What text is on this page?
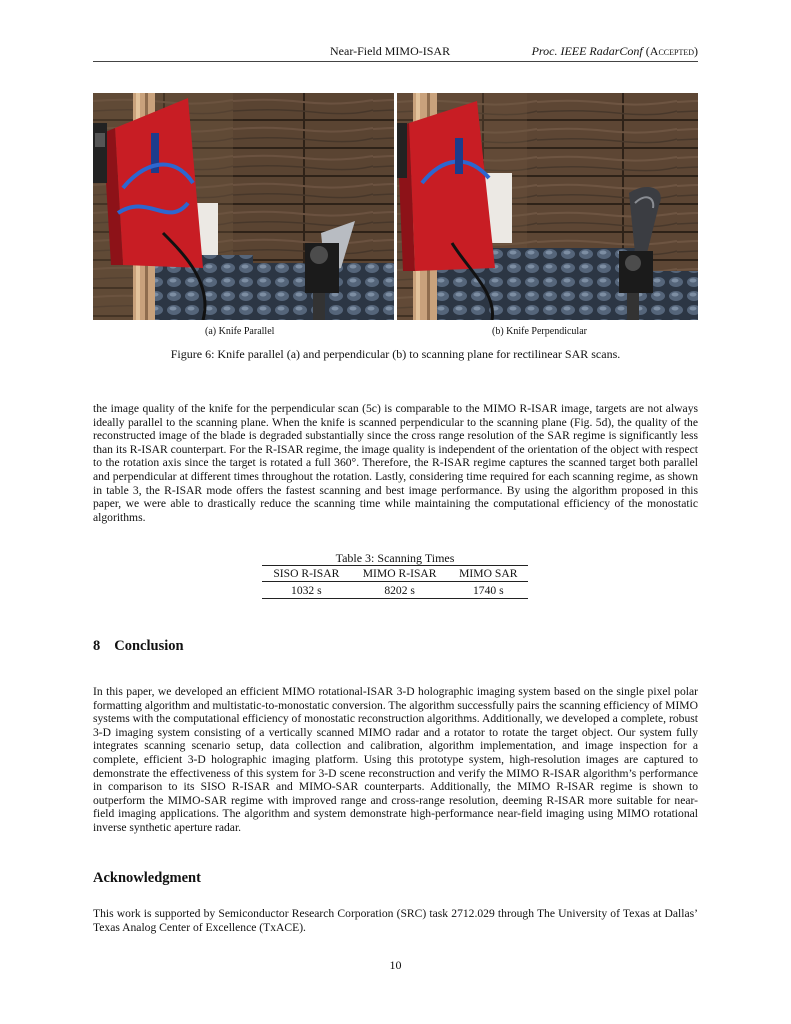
Near-Field MIMO-ISAR	Proc. IEEE RadarConf (Accepted)
(a) Knife Parallel	(b) Knife Perpendicular
Figure 6: Knife parallel (a) and perpendicular (b) to scanning plane for rectilinear SAR scans.

the image quality of the knife for the perpendicular scan (5c) is comparable to the MIMO R-ISAR image, targets are not always ideally parallel to the scanning plane. When the knife is scanned perpendicular to the scanning plane (Fig. 5d), the quality of the reconstructed image of the blade is degraded substantially since the cross range resolution of the SAR regime is significantly less than its R-ISAR counterpart. For the R-ISAR regime, the image quality is independent of the orientation of the object with respect to the rotation axis since the target is rotated a full 360°. Therefore, the R-ISAR regime captures the scanned target both parallel and perpendicular at different times throughout the rotation. Lastly, considering time required for each scanning regime, as shown in table 3, the R-ISAR mode offers the fastest scanning and best image performance. By using the algorithm proposed in this paper, we were able to drastically reduce the scanning time while maintaining the computational efficiency of the monostatic algorithms.

Table 3: Scanning Times
SISO R-ISAR	MIMO R-ISAR	MIMO SAR
1032 s	8202 s	1740 s
8 Conclusion

In this paper, we developed an efficient MIMO rotational-ISAR 3-D holographic imaging system based on the single pixel polar formatting algorithm and multistatic-to-monostatic conversion. The algorithm successfully pairs the scanning efficiency of MIMO systems with the computational efficiency of monostatic reconstruction algorithms. Additionally, we developed a complete, robust 3-D imaging system consisting of a vertically scanned MIMO radar and a rotator to rotate the target object. Our system fully integrates scanning scenario setup, data collection and calibration, algorithm implementation, and image inspection for a complete, efficient 3-D holographic imaging platform. Using this prototype system, high-resolution images are captured to demonstrate the effectiveness of this system for 3-D scene reconstruction and verify the MIMO R-ISAR algorithm’s performance in comparison to its SISO R-ISAR and MIMO-SAR counterparts. Additionally, the MIMO R-ISAR regime is shown to outperform the MIMO-SAR regime with improved range and cross-range resolution, deeming R-ISAR more suitable for near-field imaging applications. The algorithm and system demonstrate high-performance near-field imaging using MIMO rotational inverse synthetic aperture radar.

Acknowledgment

This work is supported by Semiconductor Research Corporation (SRC) task 2712.029 through The University of Texas at Dallas’ Texas Analog Center of Excellence (TxACE).

10
